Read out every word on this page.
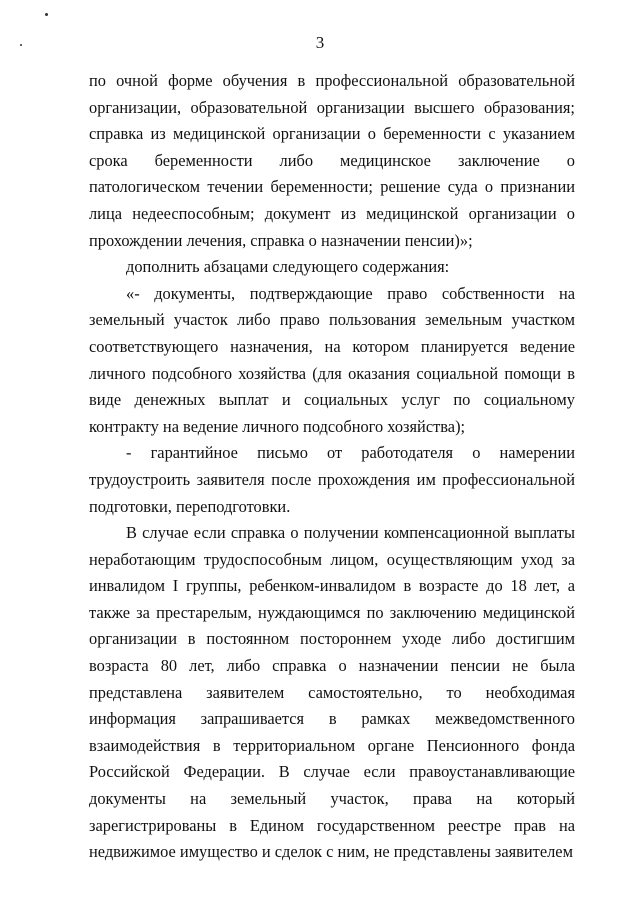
3

по очной форме обучения в профессиональной образовательной организации, образовательной организации высшего образования; справка из медицинской организации о беременности с указанием срока беременности либо медицинское заключение о патологическом течении беременности; решение суда о признании лица недееспособным; документ из медицинской организации о прохождении лечения, справка о назначении пенсии)»;

дополнить абзацами следующего содержания:

«- документы, подтверждающие право собственности на земельный участок либо право пользования земельным участком соответствующего назначения, на котором планируется ведение личного подсобного хозяйства (для оказания социальной помощи в виде денежных выплат и социальных услуг по социальному контракту на ведение личного подсобного хозяйства);

- гарантийное письмо от работодателя о намерении трудоустроить заявителя после прохождения им профессиональной подготовки, переподготовки.

В случае если справка о получении компенсационной выплаты неработающим трудоспособным лицом, осуществляющим уход за инвалидом I группы, ребенком-инвалидом в возрасте до 18 лет, а также за престарелым, нуждающимся по заключению медицинской организации в постоянном постороннем уходе либо достигшим возраста 80 лет, либо справка о назначении пенсии не была представлена заявителем самостоятельно, то необходимая информация запрашивается в рамках межведомственного взаимодействия в территориальном органе Пенсионного фонда Российской Федерации. В случае если правоустанавливающие документы на земельный участок, права на который зарегистрированы в Едином государственном реестре прав на недвижимое имущество и сделок с ним, не представлены заявителем
